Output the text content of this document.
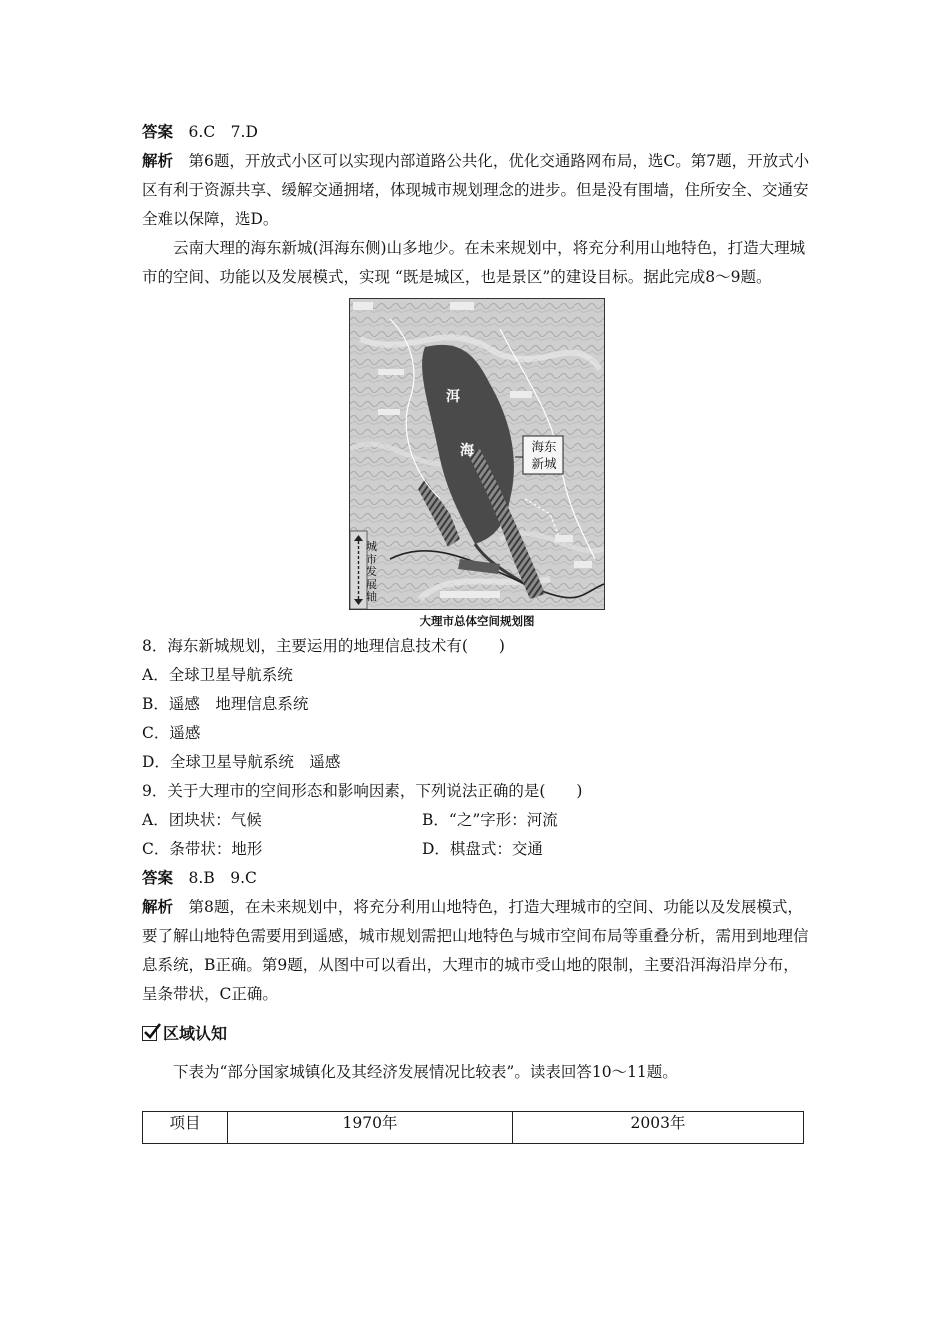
答案　 6.C　7.D

解析　 第6题，开放式小区可以实现内部道路公共化，优化交通路网布局，选C。第7题，开放式小区有利于资源共享、缓解交通拥堵，体现城市规划理念的进步。但是没有围墙，住所安全、交通安全难以保障，选D。

云南大理的海东新城(洱海东侧)山多地少。在未来规划中，将充分利用山地特色，打造大理城市的空间、功能以及发展模式，实现 “既是城区，也是景区”的建设目标。据此完成8～9题。

洱
海	海东
新城
城市发展轴
大理市总体空间规划图

8．海东新城规划，主要运用的地理信息技术有(　　)

A．全球卫星导航系统

B．遥感　地理信息系统

C．遥感

D．全球卫星导航系统　遥感

9．关于大理市的空间形态和影响因素，下列说法正确的是(　　)

A．团块状：气候	B．“之”字形：河流
C．条带状：地形	D．棋盘式：交通

答案　 8.B　9.C

解析　 第8题，在未来规划中，将充分利用山地特色，打造大理城市的空间、功能以及发展模式，要了解山地特色需要用到遥感，城市规划需把山地特色与城市空间布局等重叠分析，需用到地理信息系统，B正确。第9题，从图中可以看出，大理市的城市受山地的限制，主要沿洱海沿岸分布，呈条带状，C正确。

区域认知

下表为“部分国家城镇化及其经济发展情况比较表”。读表回答10～11题。

项目	1970年	2003年
